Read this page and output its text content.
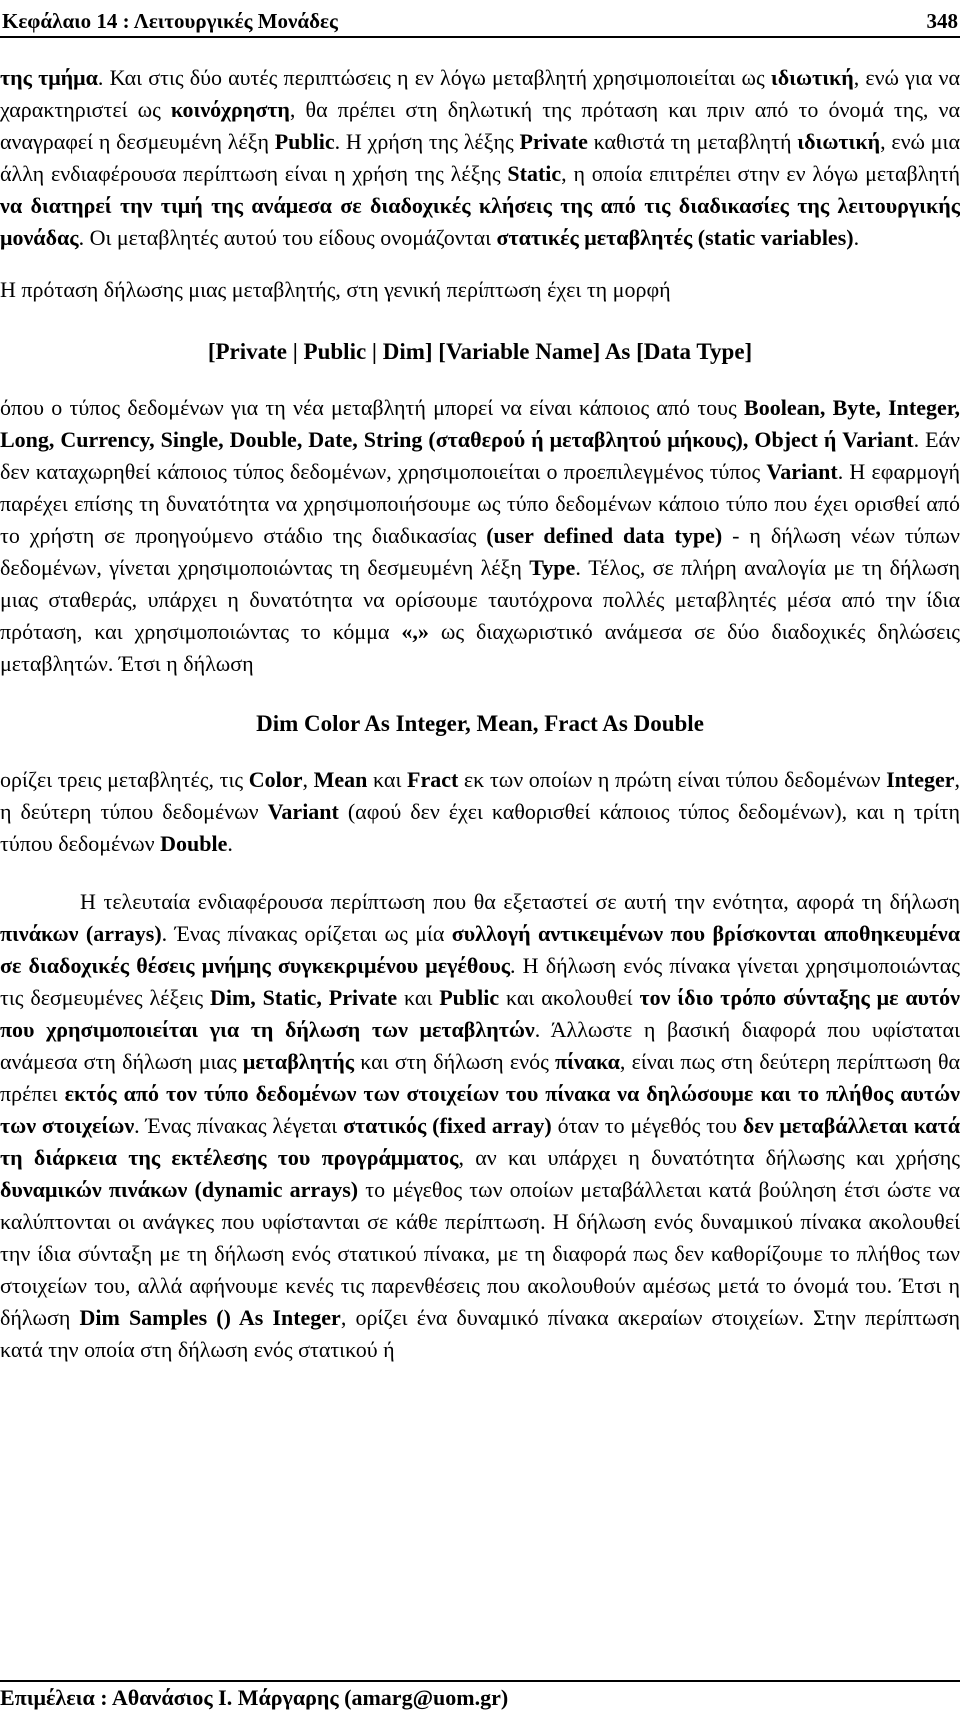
Κεφάλαιο 14 : Λειτουργικές Μονάδες	348

της τμήμα. Και στις δύο αυτές περιπτώσεις η εν λόγω μεταβλητή χρησιμοποιείται ως ιδιωτική, ενώ για να χαρακτηριστεί ως κοινόχρηστη, θα πρέπει στη δηλωτική της πρόταση και πριν από το όνομά της, να αναγραφεί η δεσμευμένη λέξη Public. Η χρήση της λέξης Private καθιστά τη μεταβλητή ιδιωτική, ενώ μια άλλη ενδιαφέρουσα περίπτωση είναι η χρήση της λέξης Static, η οποία επιτρέπει στην εν λόγω μεταβλητή να διατηρεί την τιμή της ανάμεσα σε διαδοχικές κλήσεις της από τις διαδικασίες της λειτουργικής μονάδας. Οι μεταβλητές αυτού του είδους ονομάζονται στατικές μεταβλητές (static variables).

Η πρόταση δήλωσης μιας μεταβλητής, στη γενική περίπτωση έχει τη μορφή

[Private | Public | Dim] [Variable Name] As [Data Type]

όπου ο τύπος δεδομένων για τη νέα μεταβλητή μπορεί να είναι κάποιος από τους Boolean, Byte, Integer, Long, Currency, Single, Double, Date, String (σταθερού ή μεταβλητού μήκους), Object ή Variant. Εάν δεν καταχωρηθεί κάποιος τύπος δεδομένων, χρησιμοποιείται ο προεπιλεγμένος τύπος Variant. Η εφαρμογή παρέχει επίσης τη δυνατότητα να χρησιμοποιήσουμε ως τύπο δεδομένων κάποιο τύπο που έχει ορισθεί από το χρήστη σε προηγούμενο στάδιο της διαδικασίας (user defined data type) - η δήλωση νέων τύπων δεδομένων, γίνεται χρησιμοποιώντας τη δεσμευμένη λέξη Type. Τέλος, σε πλήρη αναλογία με τη δήλωση μιας σταθεράς, υπάρχει η δυνατότητα να ορίσουμε ταυτόχρονα πολλές μεταβλητές μέσα από την ίδια πρόταση, και χρησιμοποιώντας το κόμμα «,» ως διαχωριστικό ανάμεσα σε δύο διαδοχικές δηλώσεις μεταβλητών. Έτσι η δήλωση

Dim Color As Integer, Mean, Fract As Double

ορίζει τρεις μεταβλητές, τις Color, Mean και Fract εκ των οποίων η πρώτη είναι τύπου δεδομένων Integer, η δεύτερη τύπου δεδομένων Variant (αφού δεν έχει καθορισθεί κάποιος τύπος δεδομένων), και η τρίτη τύπου δεδομένων Double.

Η τελευταία ενδιαφέρουσα περίπτωση που θα εξεταστεί σε αυτή την ενότητα, αφορά τη δήλωση πινάκων (arrays). Ένας πίνακας ορίζεται ως μία συλλογή αντικειμένων που βρίσκονται αποθηκευμένα σε διαδοχικές θέσεις μνήμης συγκεκριμένου μεγέθους. Η δήλωση ενός πίνακα γίνεται χρησιμοποιώντας τις δεσμευμένες λέξεις Dim, Static, Private και Public και ακολουθεί τον ίδιο τρόπο σύνταξης με αυτόν που χρησιμοποιείται για τη δήλωση των μεταβλητών. Άλλωστε η βασική διαφορά που υφίσταται ανάμεσα στη δήλωση μιας μεταβλητής και στη δήλωση ενός πίνακα, είναι πως στη δεύτερη περίπτωση θα πρέπει εκτός από τον τύπο δεδομένων των στοιχείων του πίνακα να δηλώσουμε και το πλήθος αυτών των στοιχείων. Ένας πίνακας λέγεται στατικός (fixed array) όταν το μέγεθός του δεν μεταβάλλεται κατά τη διάρκεια της εκτέλεσης του προγράμματος, αν και υπάρχει η δυνατότητα δήλωσης και χρήσης δυναμικών πινάκων (dynamic arrays) το μέγεθος των οποίων μεταβάλλεται κατά βούληση έτσι ώστε να καλύπτονται οι ανάγκες που υφίστανται σε κάθε περίπτωση. Η δήλωση ενός δυναμικού πίνακα ακολουθεί την ίδια σύνταξη με τη δήλωση ενός στατικού πίνακα, με τη διαφορά πως δεν καθορίζουμε το πλήθος των στοιχείων του, αλλά αφήνουμε κενές τις παρενθέσεις που ακολουθούν αμέσως μετά το όνομά του. Έτσι η δήλωση Dim Samples () As Integer, ορίζει ένα δυναμικό πίνακα ακεραίων στοιχείων. Στην περίπτωση κατά την οποία στη δήλωση ενός στατικού ή

Επιμέλεια : Αθανάσιος Ι. Μάργαρης (amarg@uom.gr)
